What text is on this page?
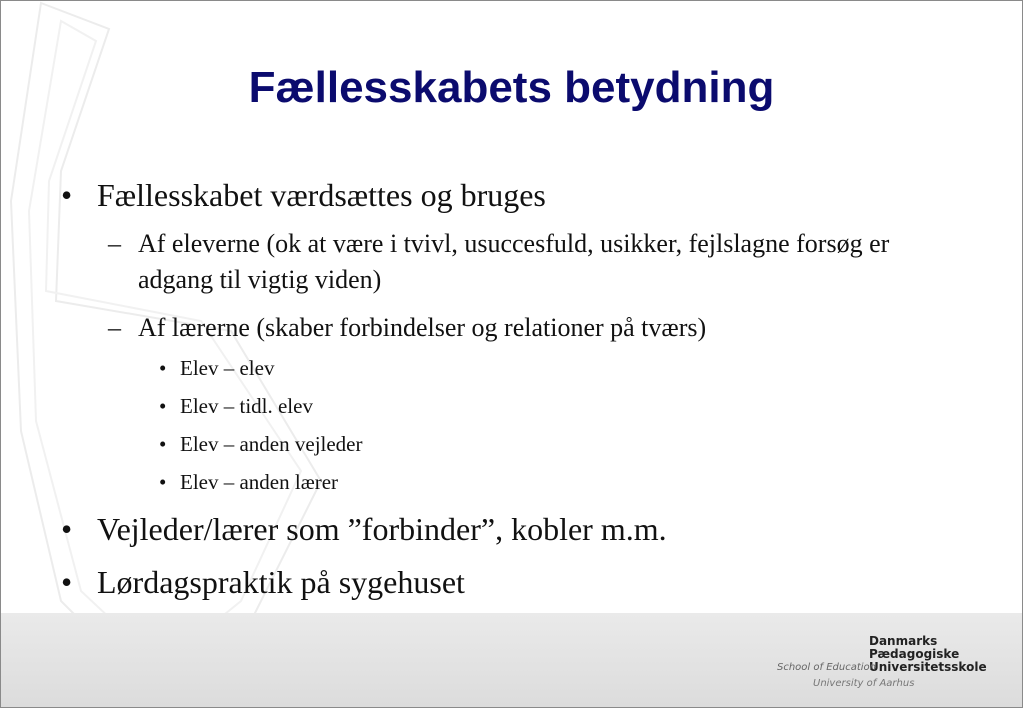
Fællesskabets betydning
• Fællesskabet værdsættes og bruges
– Af eleverne (ok at være i tvivl, usuccesfuld, usikker, fejlslagne forsøg er adgang til vigtig viden)
– Af lærerne (skaber forbindelser og relationer på tværs)
• Elev – elev
• Elev – tidl. elev
• Elev – anden vejleder
• Elev – anden lærer
• Vejleder/lærer som ”forbinder”, kobler m.m.
• Lørdagspraktik på sygehuset
Danmarks
Pædagogiske
Universitetsskole
School of Education
University of Aarhus
